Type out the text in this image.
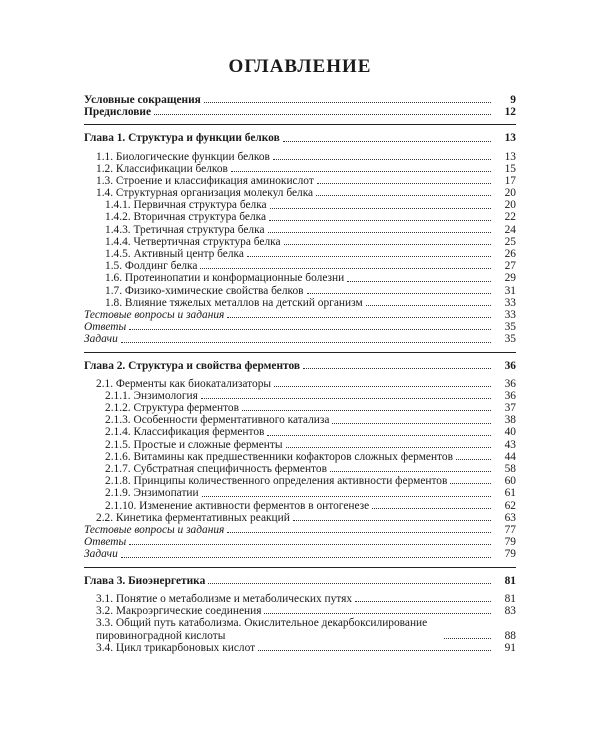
ОГЛАВЛЕНИЕ
Условные сокращения	9
Предисловие	12
Глава 1. Структура и функции белков	13
1.1. Биологические функции белков	13
1.2. Классификации белков	15
1.3. Строение и классификация аминокислот	17
1.4. Структурная организация молекул белка	20
1.4.1. Первичная структура белка	20
1.4.2. Вторичная структура белка	22
1.4.3. Третичная структура белка	24
1.4.4. Четвертичная структура белка	25
1.4.5. Активный центр белка	26
1.5. Фолдинг белка	27
1.6. Протеинопатии и конформационные болезни	29
1.7. Физико-химические свойства белков	31
1.8. Влияние тяжелых металлов на детский организм	33
Тестовые вопросы и задания	33
Ответы	35
Задачи	35
Глава 2. Структура и свойства ферментов	36
2.1. Ферменты как биокатализаторы	36
2.1.1. Энзимология	36
2.1.2. Структура ферментов	37
2.1.3. Особенности ферментативного катализа	38
2.1.4. Классификация ферментов	40
2.1.5. Простые и сложные ферменты	43
2.1.6. Витамины как предшественники кофакторов сложных ферментов	44
2.1.7. Субстратная специфичность ферментов	58
2.1.8. Принципы количественного определения активности ферментов	60
2.1.9. Энзимопатии	61
2.1.10. Изменение активности ферментов в онтогенезе	62
2.2. Кинетика ферментативных реакций	63
Тестовые вопросы и задания	77
Ответы	79
Задачи	79
Глава 3. Биоэнергетика	81
3.1. Понятие о метаболизме и метаболических путях	81
3.2. Макроэргические соединения	83
3.3. Общий путь катаболизма. Окислительное декарбоксилирование пировиноградной кислоты	88
3.4. Цикл трикарбоновых кислот	91
